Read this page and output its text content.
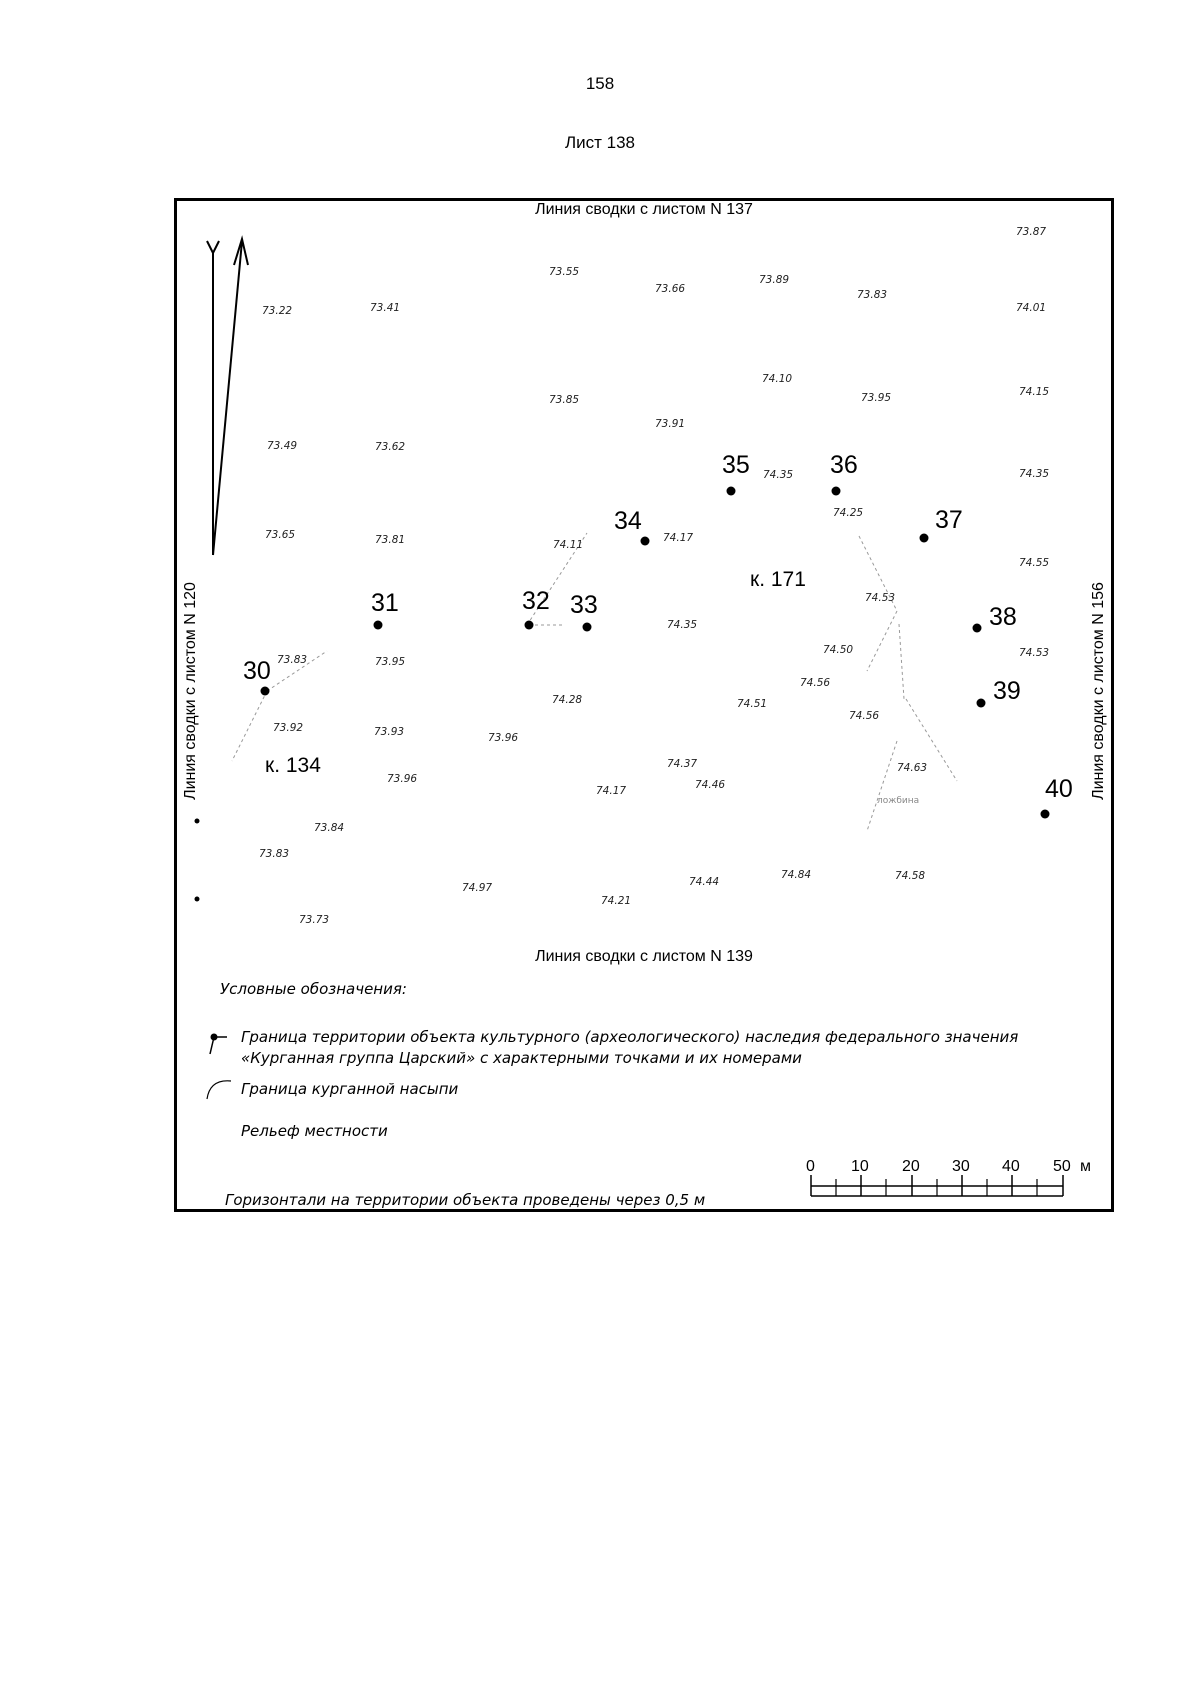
158
Лист 138
Линия сводки с листом N 137
Линия сводки с листом N 139
Линия сводки с листом N 120	Линия сводки с листом N 156
30
31	32 33
34
35	36
37
38
39
40
к. 134
к. 171
73.87
73.55
73.66
73.89
73.83
73.22	73.41	74.01
74.10
73.85	73.95	74.15
73.91
73.49	73.62
74.35	74.35
74.25
73.65	73.81	74.11
74.17
74.55
74.53
73.83	73.95
74.35
74.50	74.53
74.56
74.28	74.51
73.92	73.93	73.96
74.56
74.37
74.46
73.96
74.17
74.63
73.84
73.83
74.97	74.44
74.84	74.58
74.21
73.73
ложбина
0 10 20 30 40 50 м
Условные обозначения:
Граница территории объекта культурного (археологического) наследия федерального значения
«Курганная группа Царский» с характерными точками и их номерами
Граница курганной насыпи
Рельеф местности
Горизонтали на территории объекта проведены через 0,5 м
